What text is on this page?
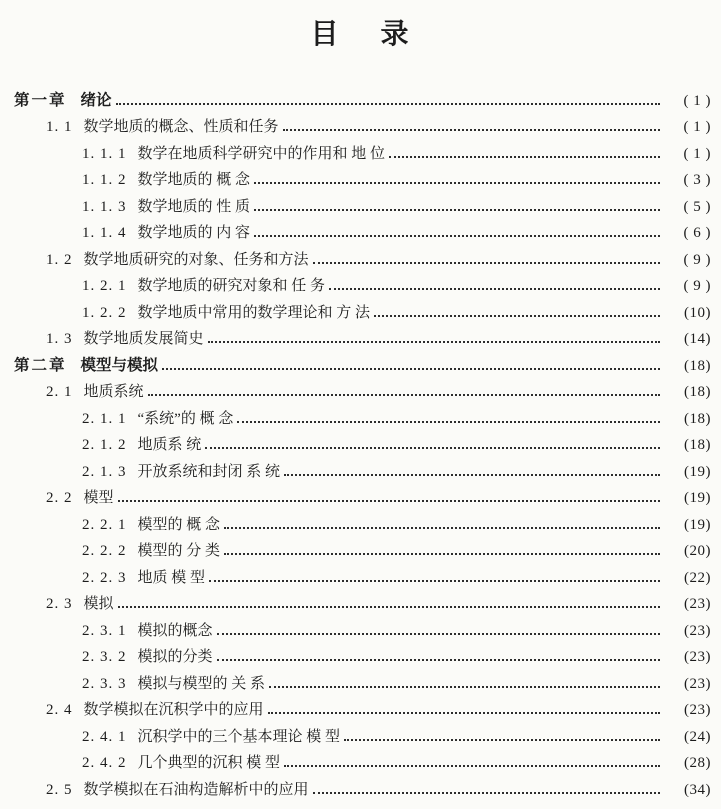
目      录
第一章 绪论	( 1 )
1. 1 数学地质的概念、性质和任务	( 1 )
1. 1. 1 数学在地质科学研究中的作用和 地 位	( 1 )
1. 1. 2 数学地质的 概 念	( 3 )
1. 1. 3 数学地质的 性 质	( 5 )
1. 1. 4 数学地质的 内 容	( 6 )
1. 2 数学地质研究的对象、任务和方法	( 9 )
1. 2. 1 数学地质的研究对象和 任 务	( 9 )
1. 2. 2 数学地质中常用的数学理论和 方 法	(10)
1. 3 数学地质发展简史	(14)
第二章 模型与模拟	(18)
2. 1 地质系统	(18)
2. 1. 1 “系统”的 概 念	(18)
2. 1. 2 地质系 统	(18)
2. 1. 3 开放系统和封闭 系 统	(19)
2. 2 模型	(19)
2. 2. 1 模型的 概 念	(19)
2. 2. 2 模型的 分 类	(20)
2. 2. 3 地质 模 型	(22)
2. 3 模拟	(23)
2. 3. 1 模拟的概念	(23)
2. 3. 2 模拟的分类	(23)
2. 3. 3 模拟与模型的 关 系	(23)
2. 4 数学模拟在沉积学中的应用	(23)
2. 4. 1 沉积学中的三个基本理论 模 型	(24)
2. 4. 2 几个典型的沉积 模 型	(28)
2. 5 数学模拟在石油构造解析中的应用	(34)
